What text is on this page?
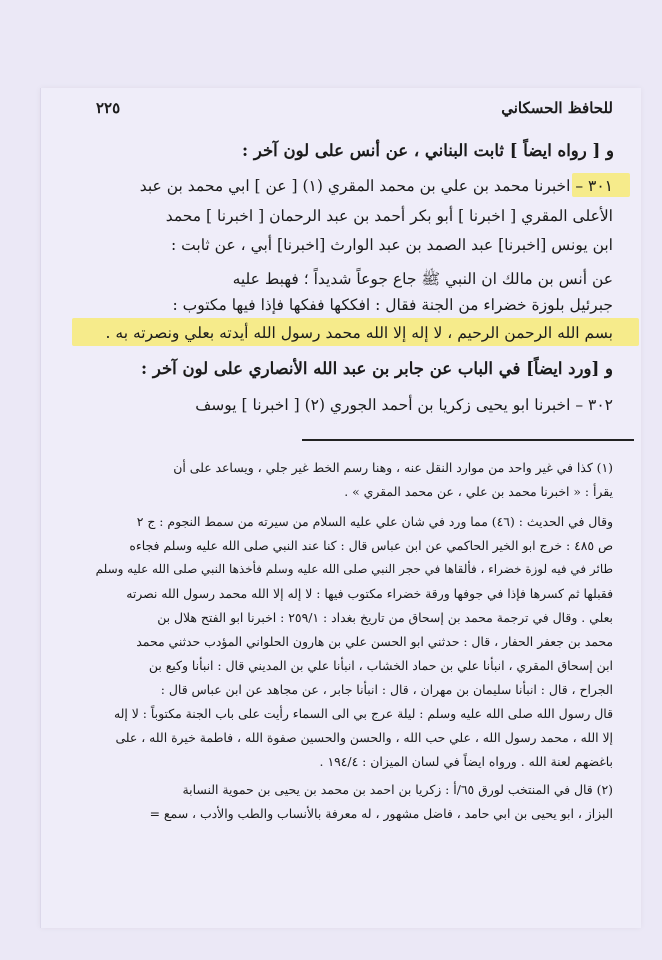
٢٢٥	للحافظ الحسكاني
و [ رواه ايضاً ] ثابت البناني ، عن أنس على لون آخر :
٣٠١ – اخبرنا محمد بن علي بن محمد المقري (١) [ عن ] ابي محمد بن عبد
الأعلى المقري [ اخبرنا ] أبو بكر أحمد بن عبد الرحمان [ اخبرنا ] محمد
ابن يونس [اخبرنا] عبد الصمد بن عبد الوارث [اخبرنا] أبي ، عن ثابت :
عن أنس بن مالك ان النبي ﷺ جاع جوعاً شديداً ؛ فهبط عليه
جبرئيل بلوزة خضراء من الجنة فقال : افككها ففكها فإذا فيها مكتوب :
بسم الله الرحمن الرحيم ، لا إله إلا الله محمد رسول الله أيدته بعلي ونصرته به .
و [ورد ايضاً] في الباب عن جابر بن عبد الله الأنصاري على لون آخر :
٣٠٢ – اخبرنا ابو يحيى زكريا بن أحمد الجوري (٢) [ اخبرنا ] يوسف
(١) كذا في غير واحد من موارد النقل عنه ، وهنا رسم الخط غير جلي ، ويساعد على أن
يقرأ : « اخبرنا محمد بن علي ، عن محمد المقري » .
وقال في الحديث : (٤٦) مما ورد في شان علي عليه السلام من سيرته من سمط النجوم : ج ٢
ص ٤٨٥ : خرج ابو الخير الحاكمي عن ابن عباس قال : كنا عند النبي صلى الله عليه وسلم فجاءه
طائر في فيه لوزة خضراء ، فألقاها في حجر النبي صلى الله عليه وسلم فأخذها النبي صلى الله عليه وسلم
فقبلها ثم كسرها فإذا في جوفها ورقة خضراء مكتوب فيها : لا إله إلا الله محمد رسول الله نصرته
بعلي . وقال في ترجمة محمد بن إسحاق من تاريخ بغداد : ٢٥٩/١ : اخبرنا ابو الفتح هلال بن
محمد بن جعفر الحفار ، قال : حدثني ابو الحسن علي بن هارون الحلواني المؤدب حدثني محمد
ابن إسحاق المقري ، انبأنا علي بن حماد الخشاب ، انبأنا علي بن المديني قال : انبأنا وكيع بن
الجراح ، قال : انبأنا سليمان بن مهران ، قال : انبأنا جابر ، عن مجاهد عن ابن عباس قال :
قال رسول الله صلى الله عليه وسلم : ليلة عرج بي الى السماء رأيت على باب الجنة مكتوباً : لا إله
إلا الله ، محمد رسول الله ، علي حب الله ، والحسن والحسين صفوة الله ، فاطمة خيرة الله ، على
باغضهم لعنة الله . ورواه ايضاً في لسان الميزان : ١٩٤/٤ .
(٢) قال في المنتخب لورق ٦٥/أ : زكريا بن احمد بن محمد بن يحيى بن حموية النسابة
البزاز ، ابو يحيى بن ابي حامد ، فاضل مشهور ، له معرفة بالأنساب والطب والأدب ، سمع =
